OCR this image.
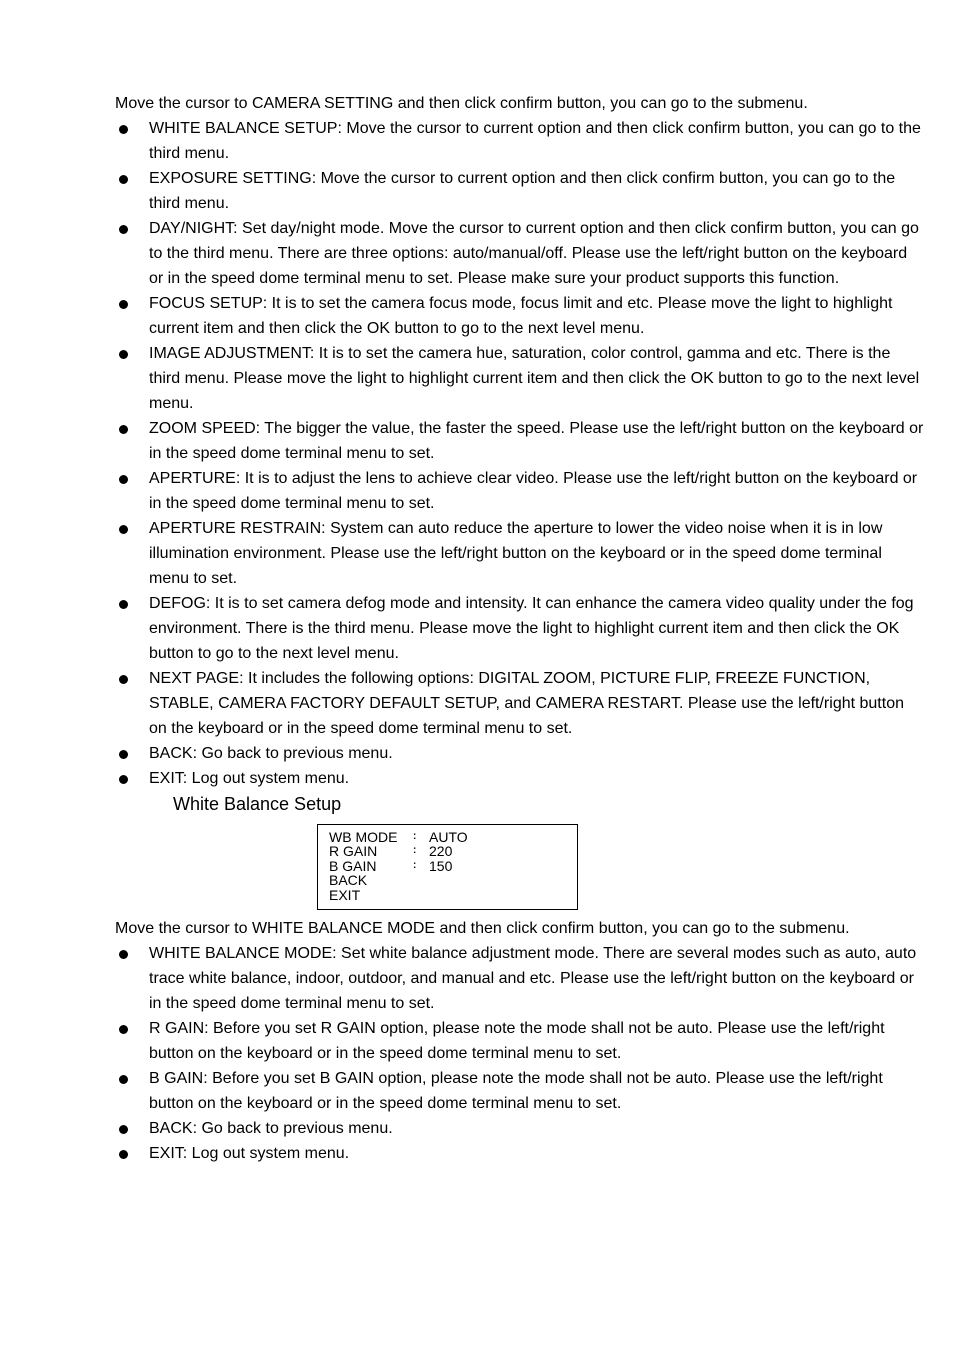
Move the cursor to CAMERA SETTING and then click confirm button, you can go to the submenu.

WHITE BALANCE SETUP: Move the cursor to current option and then click confirm button, you can go to the third menu.
EXPOSURE SETTING: Move the cursor to current option and then click confirm button, you can go to the third menu.
DAY/NIGHT: Set day/night mode. Move the cursor to current option and then click confirm button, you can go to the third menu. There are three options: auto/manual/off. Please use the left/right button on the keyboard or in the speed dome terminal menu to set. Please make sure your product supports this function.
FOCUS SETUP: It is to set the camera focus mode, focus limit and etc. Please move the light to highlight current item and then click the OK button to go to the next level menu.
IMAGE ADJUSTMENT: It is to set the camera hue, saturation, color control, gamma and etc. There is the third menu. Please move the light to highlight current item and then click the OK button to go to the next level menu.
ZOOM SPEED: The bigger the value, the faster the speed. Please use the left/right button on the keyboard or in the speed dome terminal menu to set.
APERTURE: It is to adjust the lens to achieve clear video. Please use the left/right button on the keyboard or in the speed dome terminal menu to set.
APERTURE RESTRAIN: System can auto reduce the aperture to lower the video noise when it is in low illumination environment. Please use the left/right button on the keyboard or in the speed dome terminal menu to set.
DEFOG: It is to set camera defog mode and intensity. It can enhance the camera video quality under the fog environment. There is the third menu. Please move the light to highlight current item and then click the OK button to go to the next level menu.
NEXT PAGE: It includes the following options: DIGITAL ZOOM, PICTURE FLIP, FREEZE FUNCTION, STABLE, CAMERA FACTORY DEFAULT SETUP, and CAMERA RESTART. Please use the left/right button on the keyboard or in the speed dome terminal menu to set.
BACK: Go back to previous menu.
EXIT: Log out system menu.

White Balance Setup

WB MODE	: AUTO
R GAIN	: 220
B GAIN	: 150
BACK
EXIT

Move the cursor to WHITE BALANCE MODE and then click confirm button, you can go to the submenu.

WHITE BALANCE MODE: Set white balance adjustment mode. There are several modes such as auto, auto trace white balance, indoor, outdoor, and manual and etc. Please use the left/right button on the keyboard or in the speed dome terminal menu to set.
R GAIN: Before you set R GAIN option, please note the mode shall not be auto. Please use the left/right button on the keyboard or in the speed dome terminal menu to set.
B GAIN: Before you set B GAIN option, please note the mode shall not be auto. Please use the left/right button on the keyboard or in the speed dome terminal menu to set.
BACK: Go back to previous menu.
EXIT: Log out system menu.
